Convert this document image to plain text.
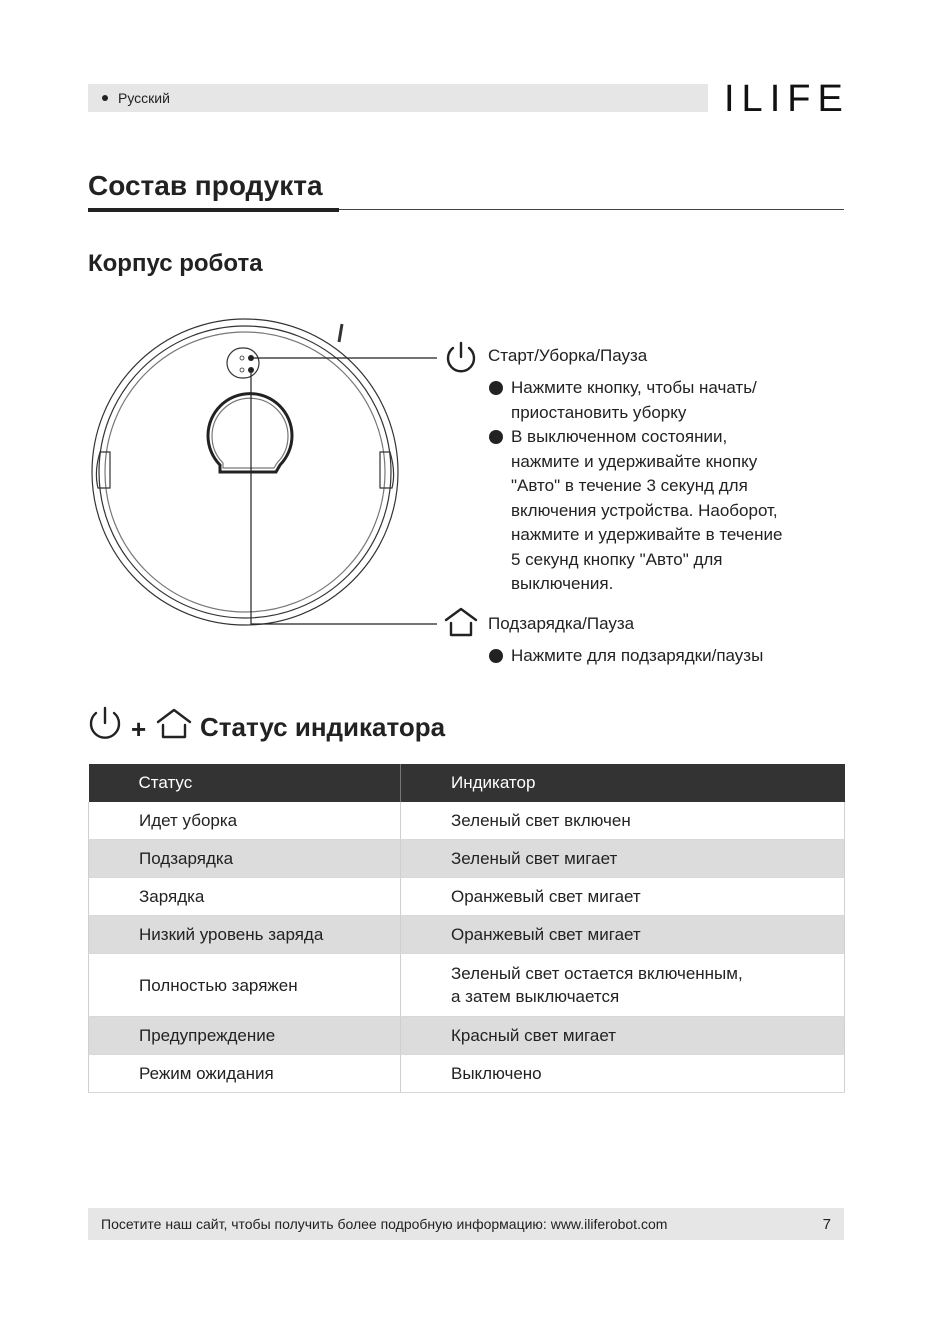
Русский	ILIFE
Состав продукта
Корпус робота
Старт/Уборка/Пауза
Нажмите кнопку, чтобы начать/
приостановить уборку
В выключенном состоянии,
нажмите и удерживайте кнопку
"Авто" в течение 3 секунд для
включения устройства. Наоборот,
нажмите и удерживайте в течение
5 секунд кнопку "Авто" для
выключения.
Подзарядка/Пауза
Нажмите для подзарядки/паузы
+ Статус индикатора
Статус	Индикатор
Идет уборка	Зеленый свет включен
Подзарядка	Зеленый свет мигает
Зарядка	Оранжевый свет мигает
Низкий уровень заряда	Оранжевый свет мигает
Полностью заряжен	Зеленый свет остается включенным,
а затем выключается

Предупреждение	Красный свет мигает
Режим ожидания	Выключено
Посетите наш сайт, чтобы получить более подробную информацию: www.iliferobot.com	7
